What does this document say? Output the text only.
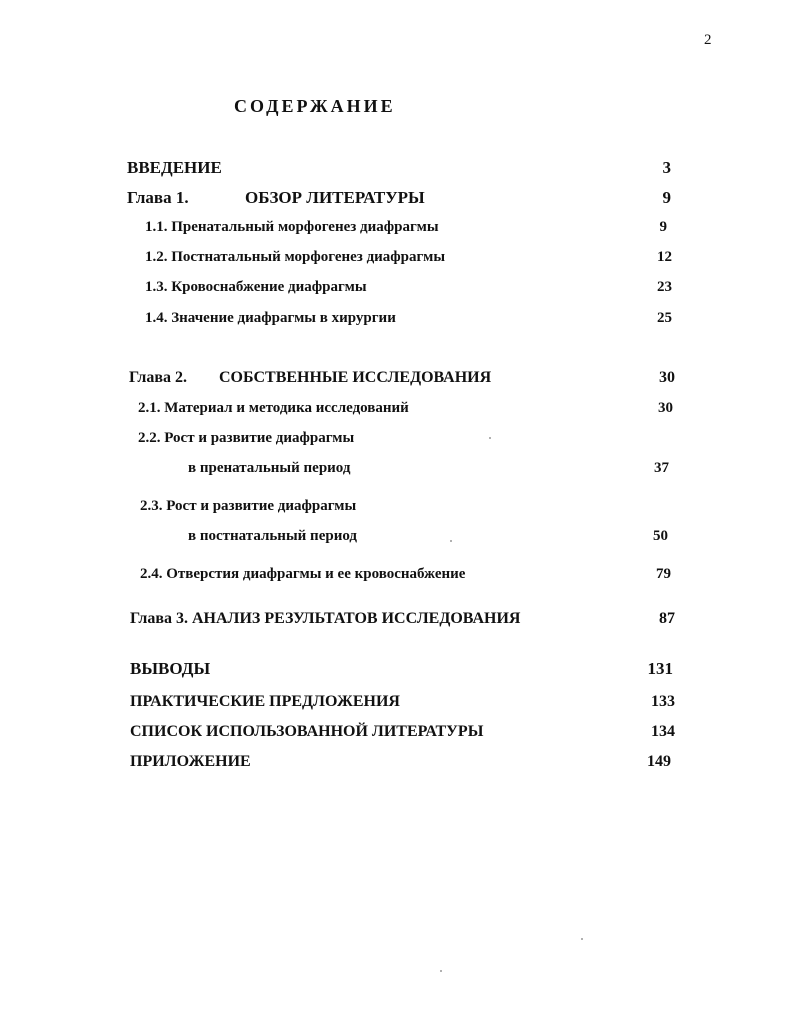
2
СОДЕРЖАНИЕ
ВВЕДЕНИЕ	3
Глава 1.	ОБЗОР ЛИТЕРАТУРЫ	9
1.1. Пренатальный морфогенез диафрагмы	9
1.2. Постнатальный морфогенез диафрагмы	12
1.3. Кровоснабжение диафрагмы	23
1.4. Значение диафрагмы в хирургии	25
Глава 2. СОБСТВЕННЫЕ ИССЛЕДОВАНИЯ	30
2.1. Материал и методика исследований	30
2.2. Рост и развитие диафрагмы
в пренатальный период	37
2.3. Рост и развитие диафрагмы
в постнатальный период	50
2.4. Отверстия диафрагмы и ее кровоснабжение	79
Глава 3. АНАЛИЗ РЕЗУЛЬТАТОВ ИССЛЕДОВАНИЯ	87
ВЫВОДЫ	131
ПРАКТИЧЕСКИЕ ПРЕДЛОЖЕНИЯ	133
СПИСОК ИСПОЛЬЗОВАННОЙ ЛИТЕРАТУРЫ	134
ПРИЛОЖЕНИЕ	149
